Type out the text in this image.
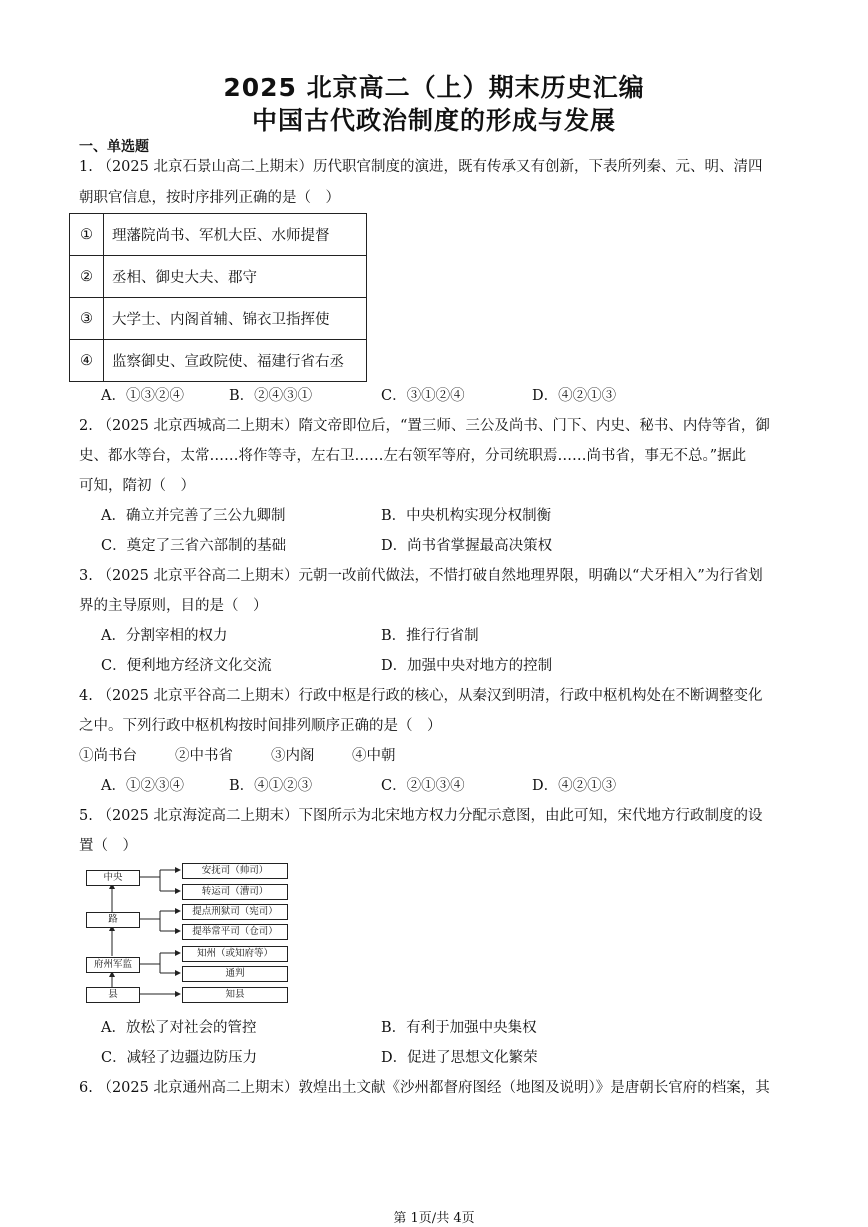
2025 北京高二（上）期末历史汇编
中国古代政治制度的形成与发展
一、单选题
1. （2025 北京石景山高二上期末）历代职官制度的演进，既有传承又有创新，下表所列秦、元、明、清四
朝职官信息，按时序排列正确的是（　）
①	理藩院尚书、军机大臣、水师提督
②	丞相、御史大夫、郡守
③	大学士、内阁首辅、锦衣卫指挥使
④	监察御史、宣政院使、福建行省右丞
A．①③②④	B．②④③①	C．③①②④	D．④②①③
2. （2025 北京西城高二上期末）隋文帝即位后，“置三师、三公及尚书、门下、内史、秘书、内侍等省，御
史、都水等台，太常……将作等寺，左右卫……左右领军等府，分司统职焉……尚书省，事无不总。”据此
可知，隋初（　）
A．确立并完善了三公九卿制	B．中央机构实现分权制衡
C．奠定了三省六部制的基础	D．尚书省掌握最高决策权
3. （2025 北京平谷高二上期末）元朝一改前代做法，不惜打破自然地理界限，明确以“犬牙相入”为行省划
界的主导原则，目的是（　）
A．分割宰相的权力	B．推行行省制
C．便利地方经济文化交流	D．加强中央对地方的控制
4. （2025 北京平谷高二上期末）行政中枢是行政的核心，从秦汉到明清，行政中枢机构处在不断调整变化
之中。下列行政中枢机构按时间排列顺序正确的是（　）
①尚书台	②中书省	③内阁	④中朝
A．①②③④	B．④①②③	C．②①③④	D．④②①③
5. （2025 北京海淀高二上期末）下图所示为北宋地方权力分配示意图，由此可知，宋代地方行政制度的设
置（　）
中央
路
府州军监
县
安抚司（帅司）
转运司（漕司）
提点刑狱司（宪司）
提举常平司（仓司）
知州（或知府等）
通判
知县
A．放松了对社会的管控	B．有利于加强中央集权
C．减轻了边疆边防压力	D．促进了思想文化繁荣
6. （2025 北京通州高二上期末）敦煌出土文献《沙州都督府图经（地图及说明）》是唐朝长官府的档案，其
第 1页/共 4页
